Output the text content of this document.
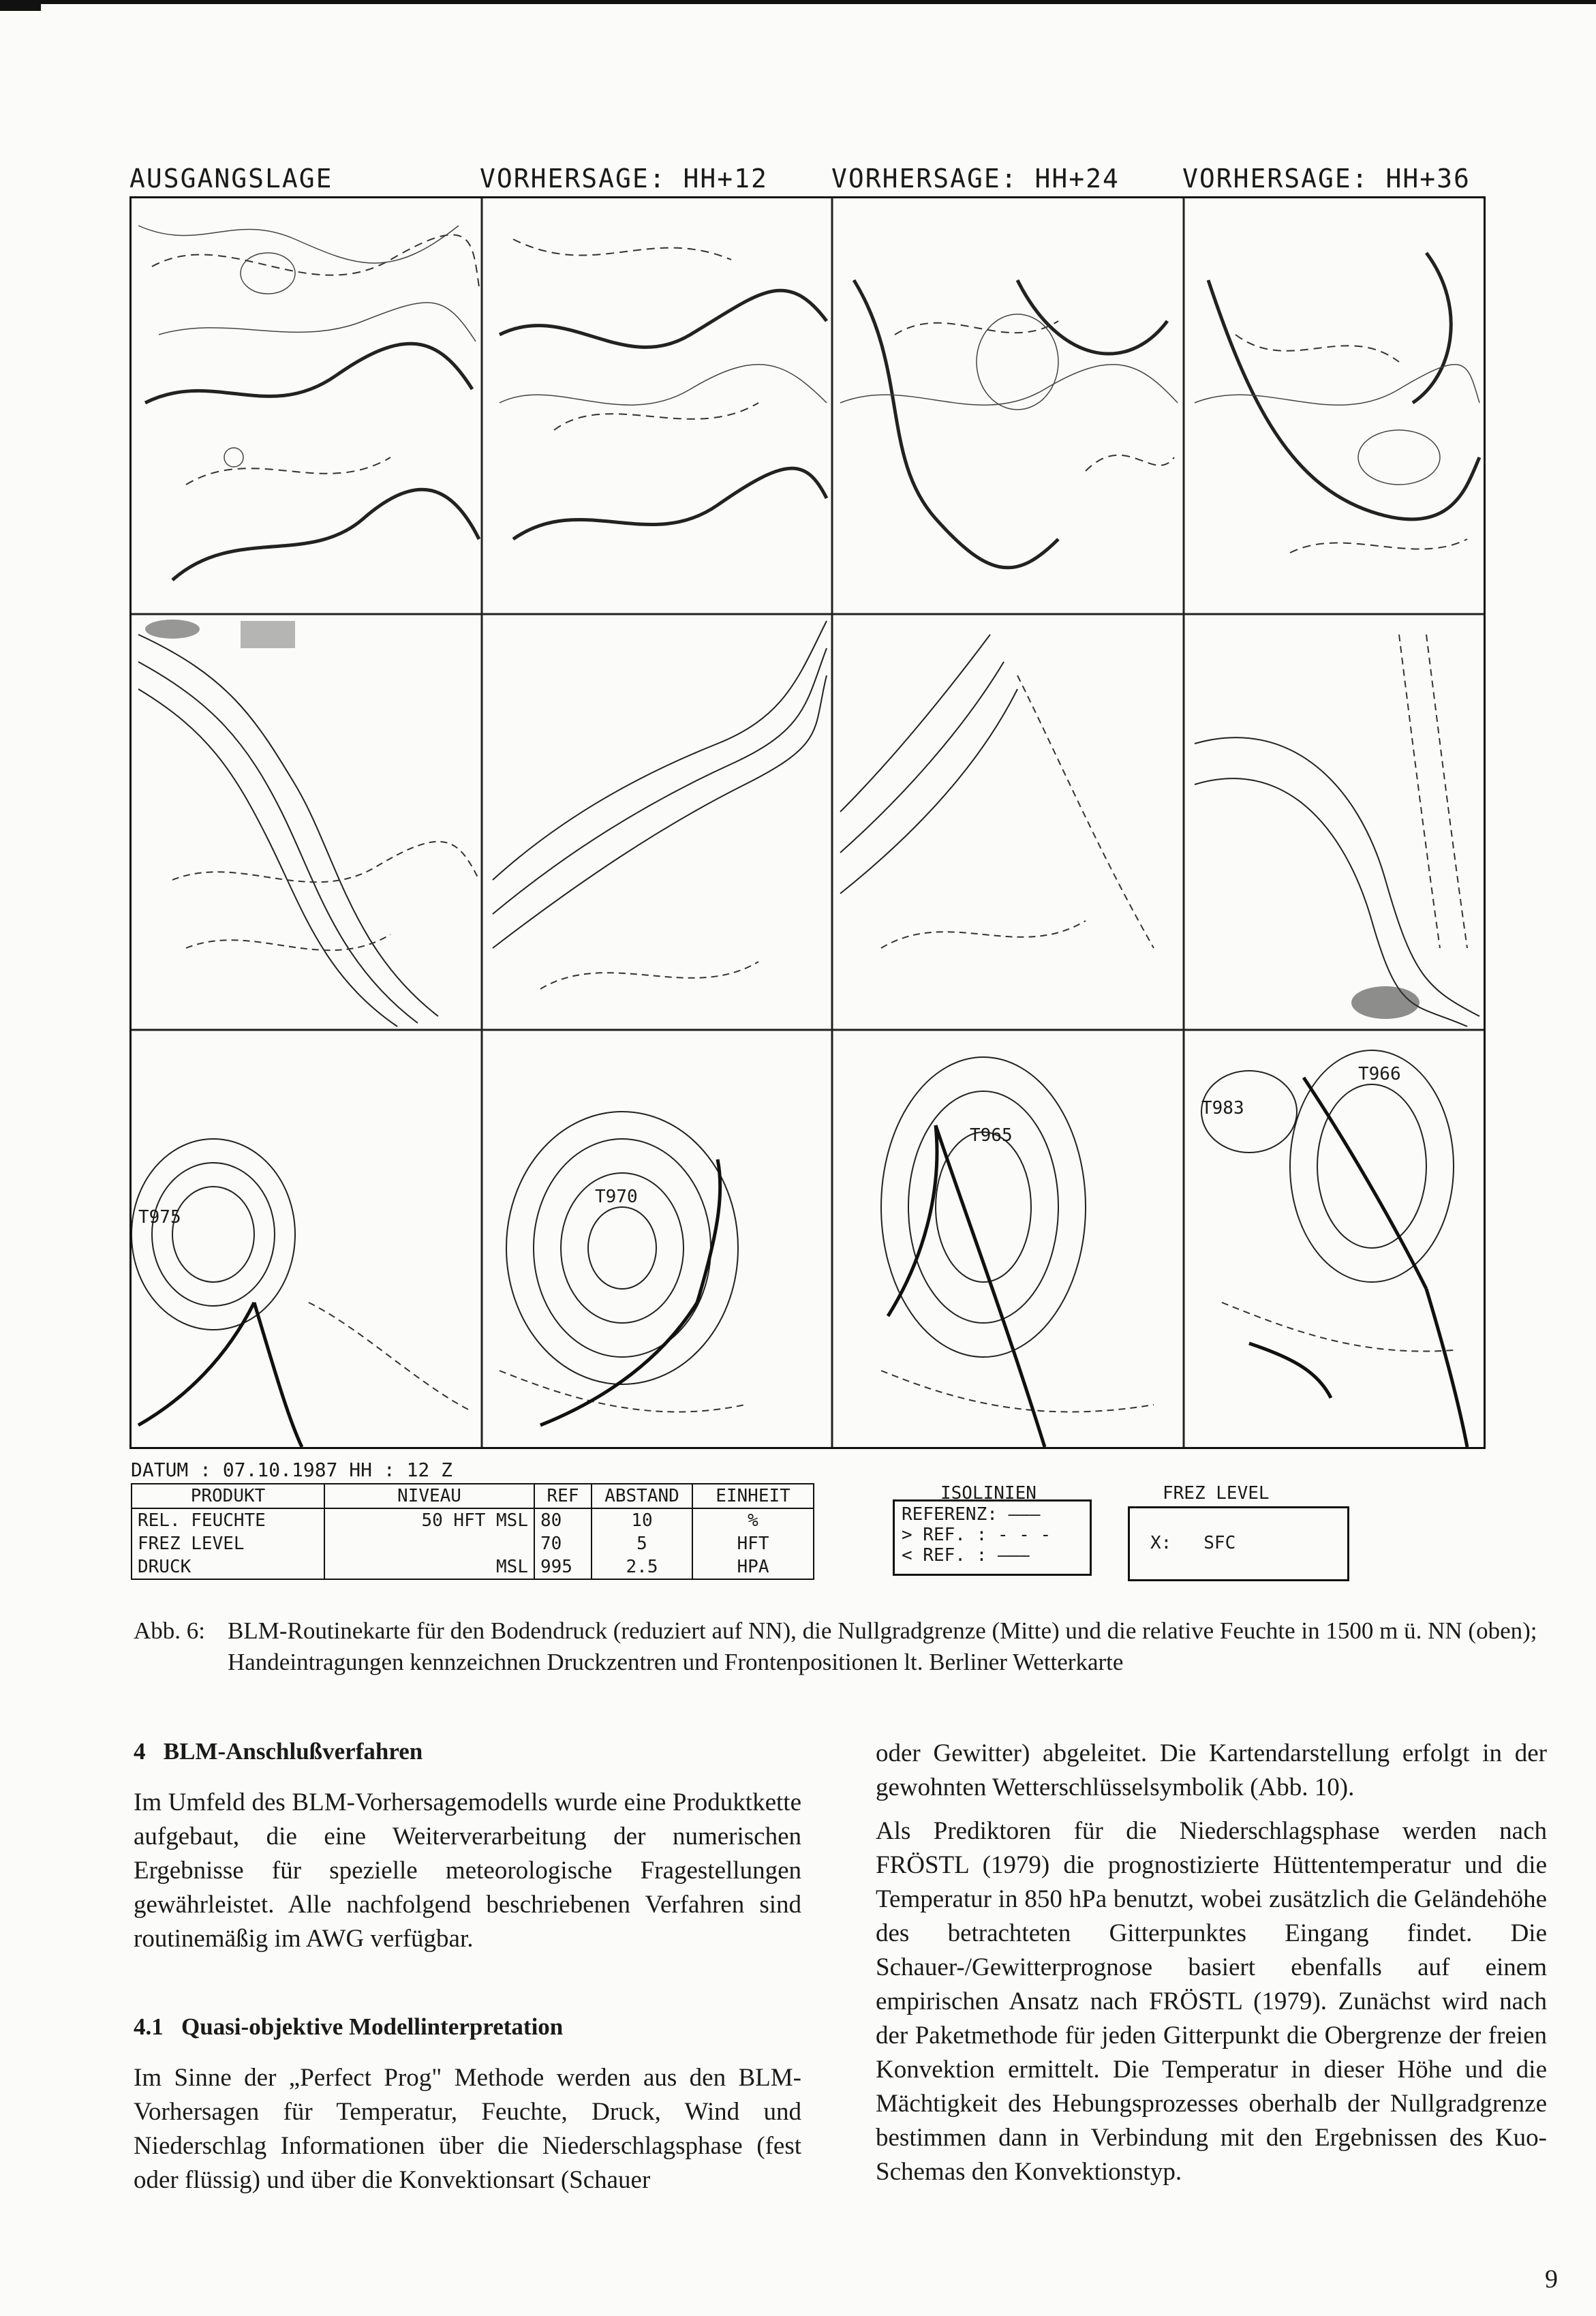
AUSGANGSLAGE	VORHERSAGE: HH+12 VORHERSAGE: HH+24 VORHERSAGE: HH+36
T975
T970
T965
T983
T966
DATUM : 07.10.1987 HH : 12 Z
PRODUKT	NIVEAU	REF	ABSTAND	EINHEIT
REL. FEUCHTE	50 HFT MSL	80	10	%
FREZ LEVEL		70	5	HFT
DRUCK	MSL	995	2.5	HPA
ISOLINIEN
REFERENZ: ———
> REF. : - - -
< REF. : ———
FREZ LEVEL
X:   SFC
Abb. 6: BLM-Routinekarte für den Bodendruck (reduziert auf NN), die Nullgradgrenze (Mitte) und die relative Feuchte in 1500 m ü. NN (oben); Handeintragungen kennzeichnen Druckzentren und Frontenpositionen lt. Berliner Wetterkarte
4   BLM-Anschlußverfahren

Im Umfeld des BLM-Vorhersagemodells wurde eine Produktkette aufgebaut, die eine Weiterverarbeitung der numerischen Ergebnisse für spezielle meteorologische Fragestellungen gewährleistet. Alle nachfolgend beschriebenen Verfahren sind routinemäßig im AWG verfügbar.

4.1   Quasi-objektive Modellinterpretation

Im Sinne der „Perfect Prog" Methode werden aus den BLM-Vorhersagen für Temperatur, Feuchte, Druck, Wind und Niederschlag Informationen über die Niederschlagsphase (fest oder flüssig) und über die Konvektionsart (Schauer

oder Gewitter) abgeleitet. Die Kartendarstellung erfolgt in der gewohnten Wetterschlüsselsymbolik (Abb. 10).

Als Prediktoren für die Niederschlagsphase werden nach FRÖSTL (1979) die prognostizierte Hüttentemperatur und die Temperatur in 850 hPa benutzt, wobei zusätzlich die Geländehöhe des betrachteten Gitterpunktes Eingang findet. Die Schauer-/Gewitterprognose basiert ebenfalls auf einem empirischen Ansatz nach FRÖSTL (1979). Zunächst wird nach der Paketmethode für jeden Gitterpunkt die Obergrenze der freien Konvektion ermittelt. Die Temperatur in dieser Höhe und die Mächtigkeit des Hebungsprozesses oberhalb der Nullgradgrenze bestimmen dann in Verbindung mit den Ergebnissen des Kuo-Schemas den Konvektionstyp.

9
